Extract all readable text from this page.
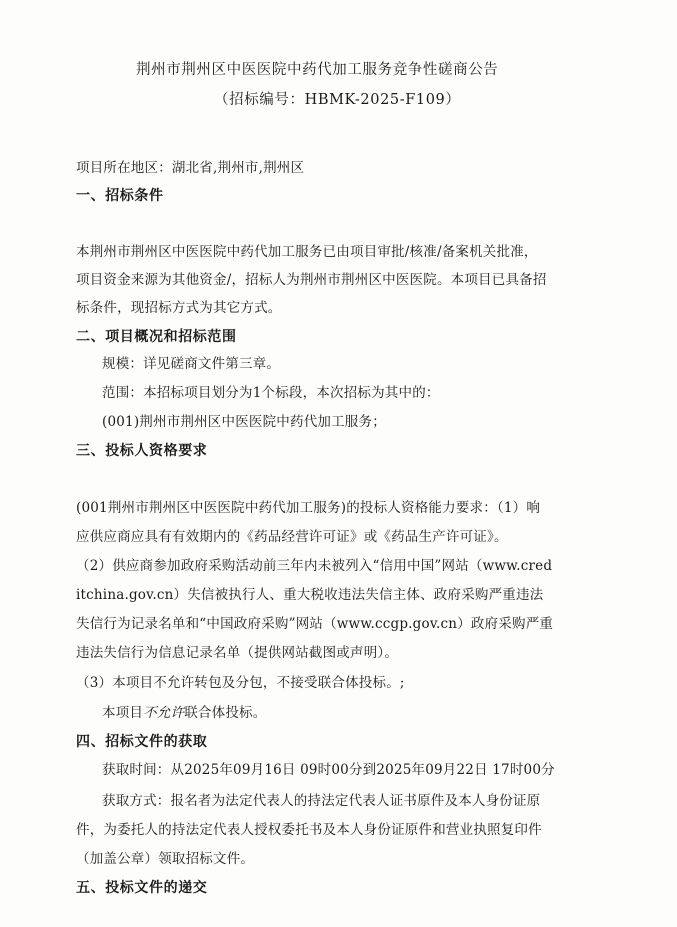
荆州市荆州区中医医院中药代加工服务竞争性磋商公告
（招标编号：HBMK-2025-F109）
项目所在地区：湖北省,荆州市,荆州区
一、招标条件
本荆州市荆州区中医医院中药代加工服务已由项目审批/核准/备案机关批准，
项目资金来源为其他资金/，招标人为荆州市荆州区中医医院。本项目已具备招
标条件，现招标方式为其它方式。
二、项目概况和招标范围
规模：详见磋商文件第三章。
范围：本招标项目划分为1个标段，本次招标为其中的：
(001)荆州市荆州区中医医院中药代加工服务；
三、投标人资格要求
(001荆州市荆州区中医医院中药代加工服务)的投标人资格能力要求：（1）响
应供应商应具有有效期内的《药品经营许可证》或《药品生产许可证》。
（2）供应商参加政府采购活动前三年内未被列入“信用中国”网站（www.cred
itchina.gov.cn）失信被执行人、重大税收违法失信主体、政府采购严重违法
失信行为记录名单和“中国政府采购”网站（www.ccgp.gov.cn）政府采购严重
违法失信行为信息记录名单（提供网站截图或声明）。
（3）本项目不允许转包及分包，不接受联合体投标。;
本项目不允许联合体投标。
四、招标文件的获取
获取时间：从2025年09月16日 09时00分到2025年09月22日 17时00分
获取方式：报名者为法定代表人的持法定代表人证书原件及本人身份证原
件，为委托人的持法定代表人授权委托书及本人身份证原件和营业执照复印件
（加盖公章）领取招标文件。
五、投标文件的递交
